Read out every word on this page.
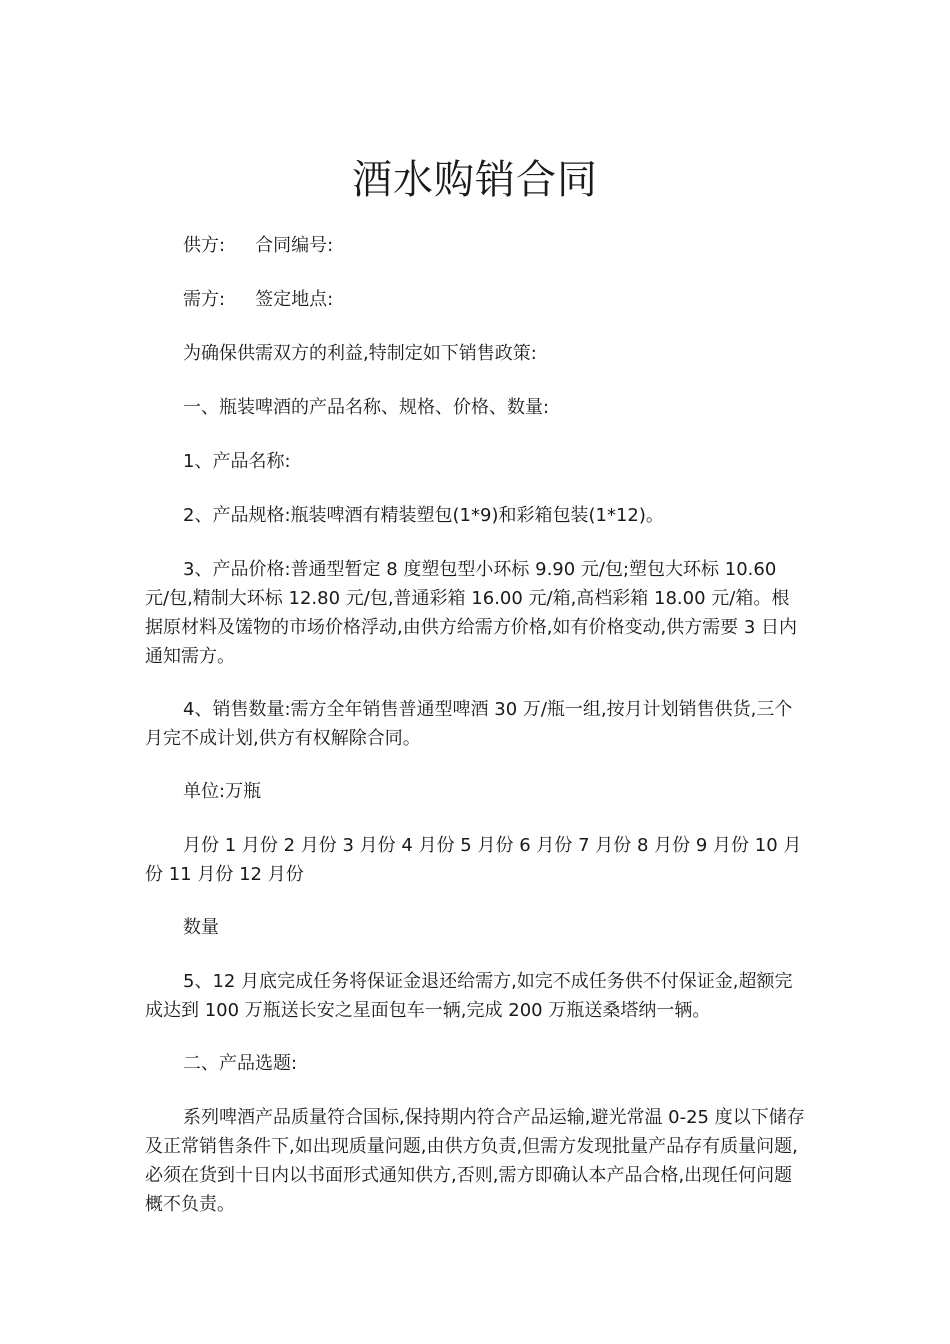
酒水购销合同

供方: 合同编号:

需方: 签定地点:

为确保供需双方的利益,特制定如下销售政策:

一、瓶装啤酒的产品名称、规格、价格、数量:

1、产品名称:

2、产品规格:瓶装啤酒有精装塑包(1*9)和彩箱包装(1*12)。

3、产品价格:普通型暂定 8 度塑包型小环标 9.90 元/包;塑包大环标 10.60 元/包,精制大环标 12.80 元/包,普通彩箱 16.00 元/箱,高档彩箱 18.00 元/箱。根据原材料及馐物的市场价格浮动,由供方给需方价格,如有价格变动,供方需要 3 日内通知需方。

4、销售数量:需方全年销售普通型啤酒 30 万/瓶一组,按月计划销售供货,三个月完不成计划,供方有权解除合同。

单位:万瓶

月份 1 月份 2 月份 3 月份 4 月份 5 月份 6 月份 7 月份 8 月份 9 月份 10 月份 11 月份 12 月份

数量

5、12 月底完成任务将保证金退还给需方,如完不成任务供不付保证金,超额完成达到 100 万瓶送长安之星面包车一辆,完成 200 万瓶送桑塔纳一辆。

二、产品选题:

系列啤酒产品质量符合国标,保持期内符合产品运输,避光常温 0-25 度以下储存及正常销售条件下,如出现质量问题,由供方负责,但需方发现批量产品存有质量问题,必须在货到十日内以书面形式通知供方,否则,需方即确认本产品合格,出现任何问题概不负责。
